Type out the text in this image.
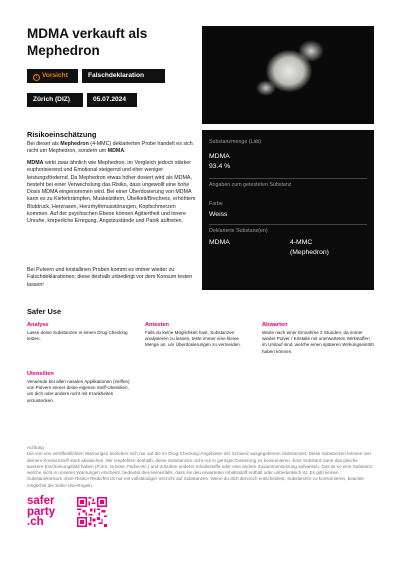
MDMA verkauft als Mephedron
! Vorsicht	Falschdeklaration
Zürich (DIZ)	05.07.2024
Substanzmenge (Lab)
MDMA
93.4 %
Angaben zum getesteten Substanz
Farbe
Weiss
Deklarierte Substanz(en)
MDMA	4-MMC
(Mephedron)
Risikoeinschätzung
Bei dieser als Mephedron (4-MMC) deklarierten Probe handelt es sich nicht um Mephedron, sondern um MDMA.
MDMA wirkt zwar ähnlich wie Mephedron, im Vergleich jedoch stärker euphorisierend und Emotional steigernd und eher weniger leistungsfördernd. Da Mephedron etwas höher dosiert wird als MDMA, besteht bei einer Verwechslung das Risiko, dass ungewollt eine hohe Dosis MDMA eingenommen wird. Bei einer Überdosierung von MDMA kann es zu Kieferkrämpfen, Muskelzittern, Übelkeit/Brechreiz, erhöhtem Blutdruck, Herzrasen, Herzrhythmusstörungen, Kopfschmerzen kommen. Auf der psychischen Ebene können Agitiertheit und innere Unruhe, körperliche Erregung, Angstzustände und Panik auftreten.
Bei Pulvern und kristallinen Proben kommt es immer wieder zu Falschdeklarationen; diese deshalb unbedingt vor dem Konsum testen lassen!
Safer Use
Analyse
Lasse deine Substanzen in einem Drug Checking testen.
Antesten
Falls du keine Möglichkeit hast, Substanzen analysieren zu lassen, teste immer eine kleine Menge an, um Überdosierungen zu vermeiden.
Abwarten
Warte nach einer Einnahme 2 Stunden, da immer wieder Pulver / Kristalle mit unerwarteten Wirkstoffen im Umlauf sind, welche einen späteren Wirkungseintritt haben können.
Utensilien
Verwende bei allen nasalen Applikationen (sniffen) von Pulvern immer deine eigenen Sniff-Utensilien, um dich oder andere nicht mit Krankheiten anzustecken.
Achtung
Die von uns veröffentlichten Warnungen beziehen sich nur auf die im Drug-Checking-Angeboten der Schweiz ausgegebenen Substanzen. Diese Substanzen können von deinem Konsumstoff stark abweichen. Wir empfehlen deshalb, deine Substanzen nicht nur in geringer Dosierung zu konsumieren. Eine Substanz kann das gleiche äussere Erscheinungsbild haben (Form, Grösse, Farbe etc.) und trotzdem anderer Inhaltsstoffe oder eine andere Zusammensetzung aufweisen. Das ist so eine Substanz; welche nicht in unseren Warnungen erscheint, bedeutet dies keinesfalls, dass sie den erwarteten Inhaltsstoff enthält oder unbedenklich ist. Es gibt keinen Substanzkonsum ohne Risiko! Risikofrei ist nur ein vollständiger Verzicht auf Substanzen. Wenn du dich dennoch entscheidest, Substanzen zu konsumieren, beachte möglichst die Safer-Use-Regeln.
safer
party
.ch
